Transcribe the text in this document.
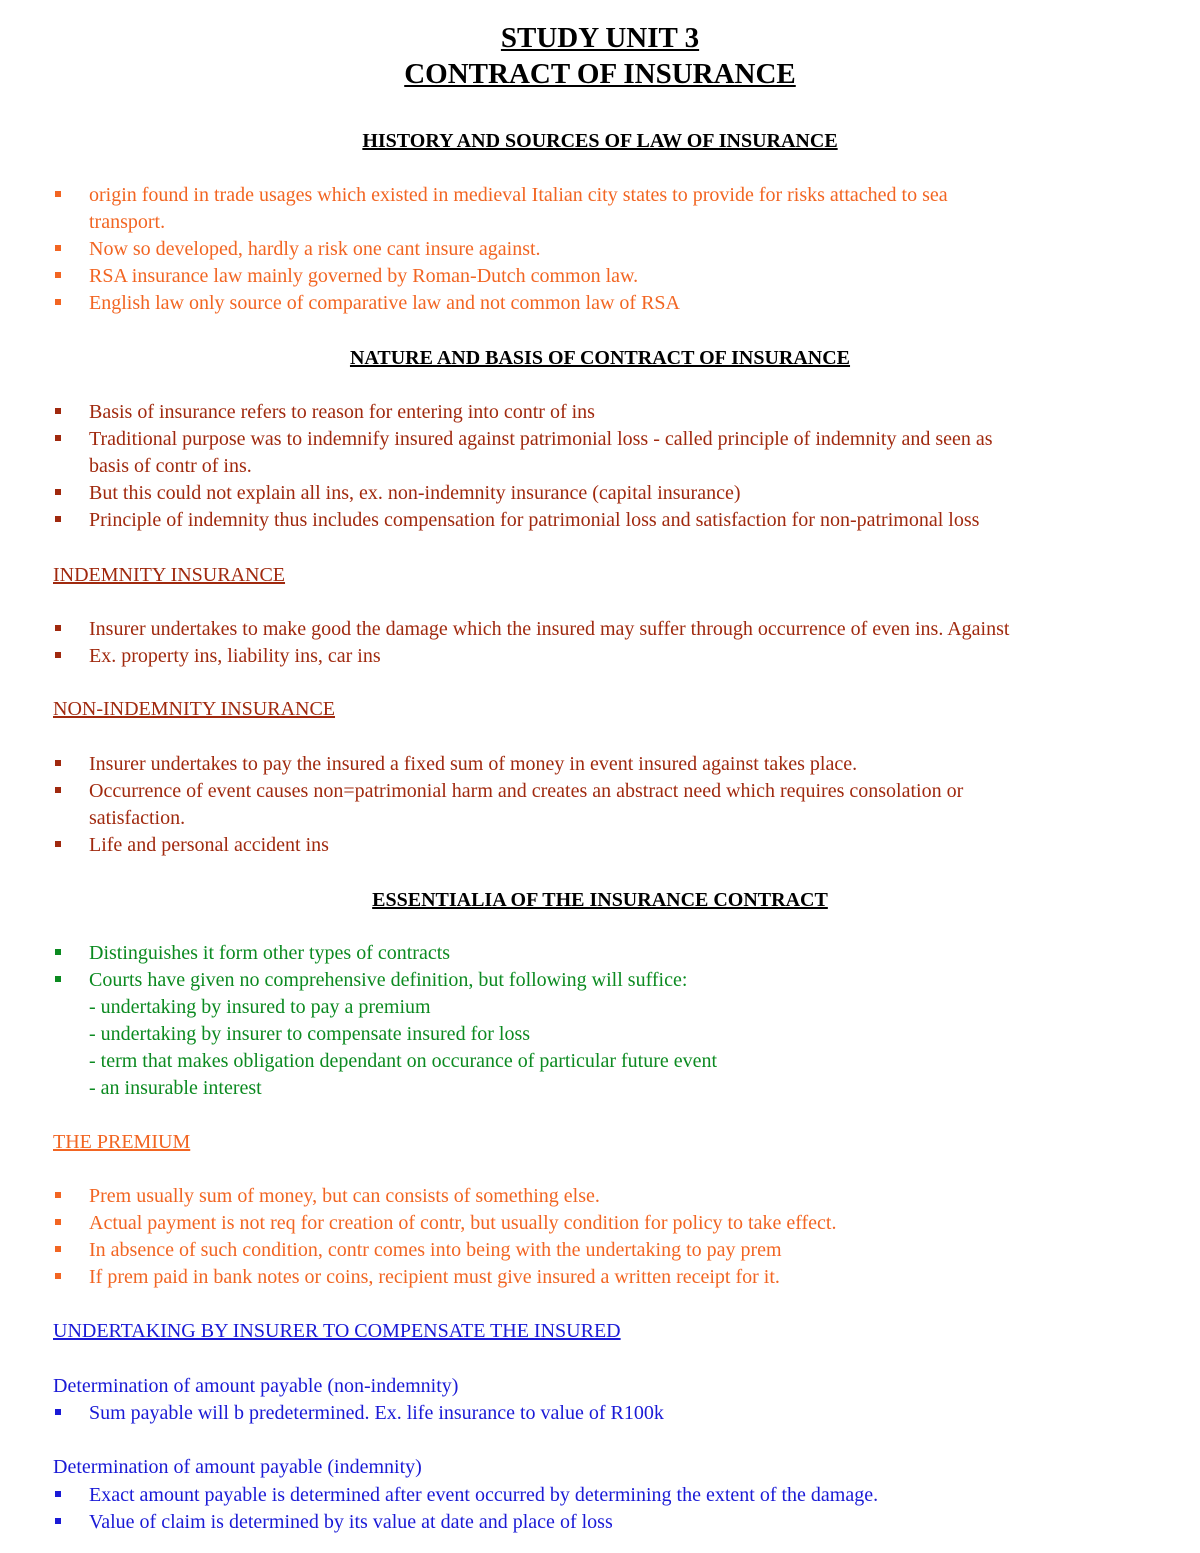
STUDY UNIT 3
CONTRACT OF INSURANCE
HISTORY AND SOURCES OF LAW OF INSURANCE
origin found in trade usages which existed in medieval Italian city states to provide for risks attached to sea
transport.
Now so developed, hardly a risk one cant insure against.
RSA insurance law mainly governed by Roman-Dutch common law.
English law only source of comparative law and not common law of RSA
NATURE AND BASIS OF CONTRACT OF INSURANCE
Basis of insurance refers to reason for entering into contr of ins
Traditional purpose was to indemnify insured against patrimonial loss - called principle of indemnity and seen as
basis of contr of ins.
But this could not explain all ins, ex. non-indemnity insurance (capital insurance)
Principle of indemnity thus includes compensation for patrimonial loss and satisfaction for non-patrimonal loss
INDEMNITY INSURANCE
Insurer undertakes to make good the damage which the insured may suffer through occurrence of even ins. Against
Ex. property ins, liability ins, car ins
NON-INDEMNITY INSURANCE
Insurer undertakes to pay the insured a fixed sum of money in event insured against takes place.
Occurrence of event causes non=patrimonial harm and creates an abstract need which requires consolation or
satisfaction.
Life and personal accident ins
ESSENTIALIA OF THE INSURANCE CONTRACT
Distinguishes it form other types of contracts
Courts have given no comprehensive definition, but following will suffice:
- undertaking by insured to pay a premium
- undertaking by insurer to compensate insured for loss
- term that makes obligation dependant on occurance of particular future event
- an insurable interest
THE PREMIUM
Prem usually sum of money, but can consists of something else.
Actual payment is not req for creation of contr, but usually condition for policy to take effect.
In absence of such condition, contr comes into being with the undertaking to pay prem
If prem paid in bank notes or coins, recipient must give insured a written receipt for it.
UNDERTAKING BY INSURER TO COMPENSATE THE INSURED
Determination of amount payable (non-indemnity)
Sum payable will b predetermined. Ex. life insurance to value of R100k
Determination of amount payable (indemnity)
Exact amount payable is determined after event occurred by determining the extent of the damage.
Value of claim is determined by its value at date and place of loss
